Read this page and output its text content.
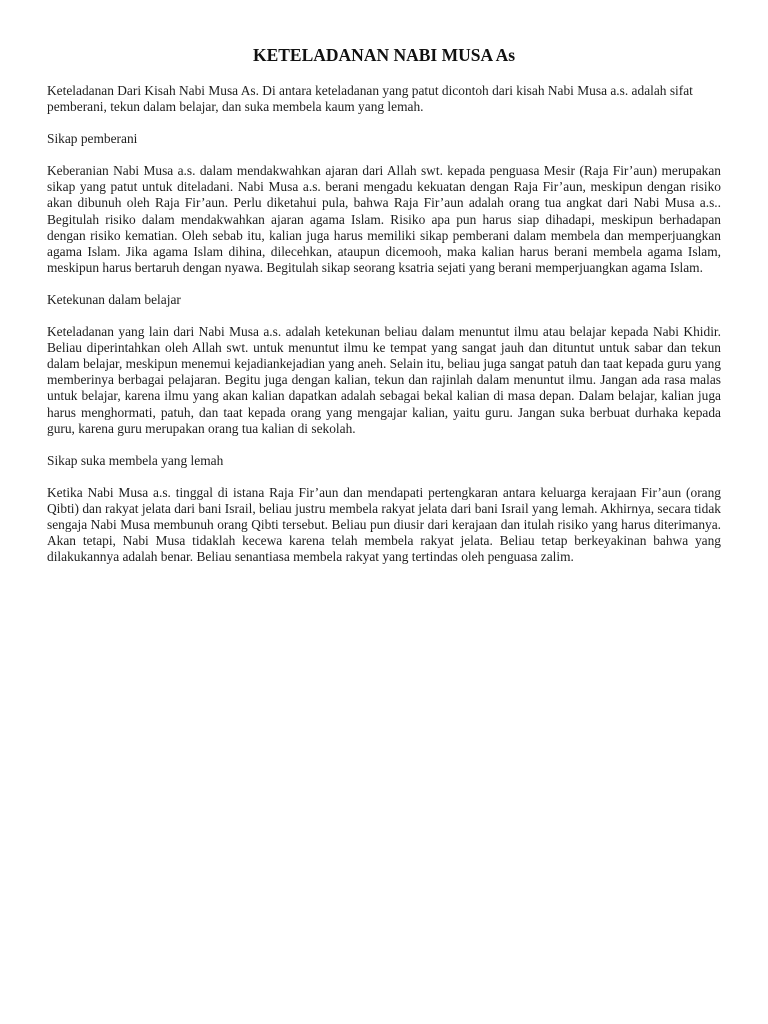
KETELADANAN NABI MUSA As
Keteladanan Dari Kisah Nabi Musa As. Di antara keteladanan yang patut dicontoh dari kisah Nabi Musa a.s. adalah sifat pemberani, tekun dalam belajar, dan suka membela kaum yang lemah.
Sikap pemberani
Keberanian Nabi Musa a.s. dalam mendakwahkan ajaran dari Allah swt. kepada penguasa Mesir (Raja Fir’aun) merupakan sikap yang patut untuk diteladani. Nabi Musa a.s. berani mengadu kekuatan dengan Raja Fir’aun, meskipun dengan risiko akan dibunuh oleh Raja Fir’aun. Perlu diketahui pula, bahwa Raja Fir’aun adalah orang tua angkat dari Nabi Musa a.s.. Begitulah risiko dalam mendakwahkan ajaran agama Islam. Risiko apa pun harus siap dihadapi, meskipun berhadapan dengan risiko kematian. Oleh sebab itu, kalian juga harus memiliki sikap pemberani dalam membela dan memperjuangkan agama Islam. Jika agama Islam dihina, dilecehkan, ataupun dicemooh, maka kalian harus berani membela agama Islam, meskipun harus bertaruh dengan nyawa. Begitulah sikap seorang ksatria sejati yang berani memperjuangkan agama Islam.
Ketekunan dalam belajar
Keteladanan yang lain dari Nabi Musa a.s. adalah ketekunan beliau dalam menuntut ilmu atau belajar kepada Nabi Khidir. Beliau diperintahkan oleh Allah swt. untuk menuntut ilmu ke tempat yang sangat jauh dan dituntut untuk sabar dan tekun dalam belajar, meskipun menemui kejadiankejadian yang aneh. Selain itu, beliau juga sangat patuh dan taat kepada guru yang memberinya berbagai pelajaran. Begitu juga dengan kalian, tekun dan rajinlah dalam menuntut ilmu. Jangan ada rasa malas untuk belajar, karena ilmu yang akan kalian dapatkan adalah sebagai bekal kalian di masa depan. Dalam belajar, kalian juga harus menghormati, patuh, dan taat kepada orang yang mengajar kalian, yaitu guru. Jangan suka berbuat durhaka kepada guru, karena guru merupakan orang tua kalian di sekolah.
Sikap suka membela yang lemah
Ketika Nabi Musa a.s. tinggal di istana Raja Fir’aun dan mendapati pertengkaran antara keluarga kerajaan Fir’aun (orang Qibti) dan rakyat jelata dari bani Israil, beliau justru membela rakyat jelata dari bani Israil yang lemah. Akhirnya, secara tidak sengaja Nabi Musa membunuh orang Qibti tersebut. Beliau pun diusir dari kerajaan dan itulah risiko yang harus diterimanya. Akan tetapi, Nabi Musa tidaklah kecewa karena telah membela rakyat jelata. Beliau tetap berkeyakinan bahwa yang dilakukannya adalah benar. Beliau senantiasa membela rakyat yang tertindas oleh penguasa zalim.
